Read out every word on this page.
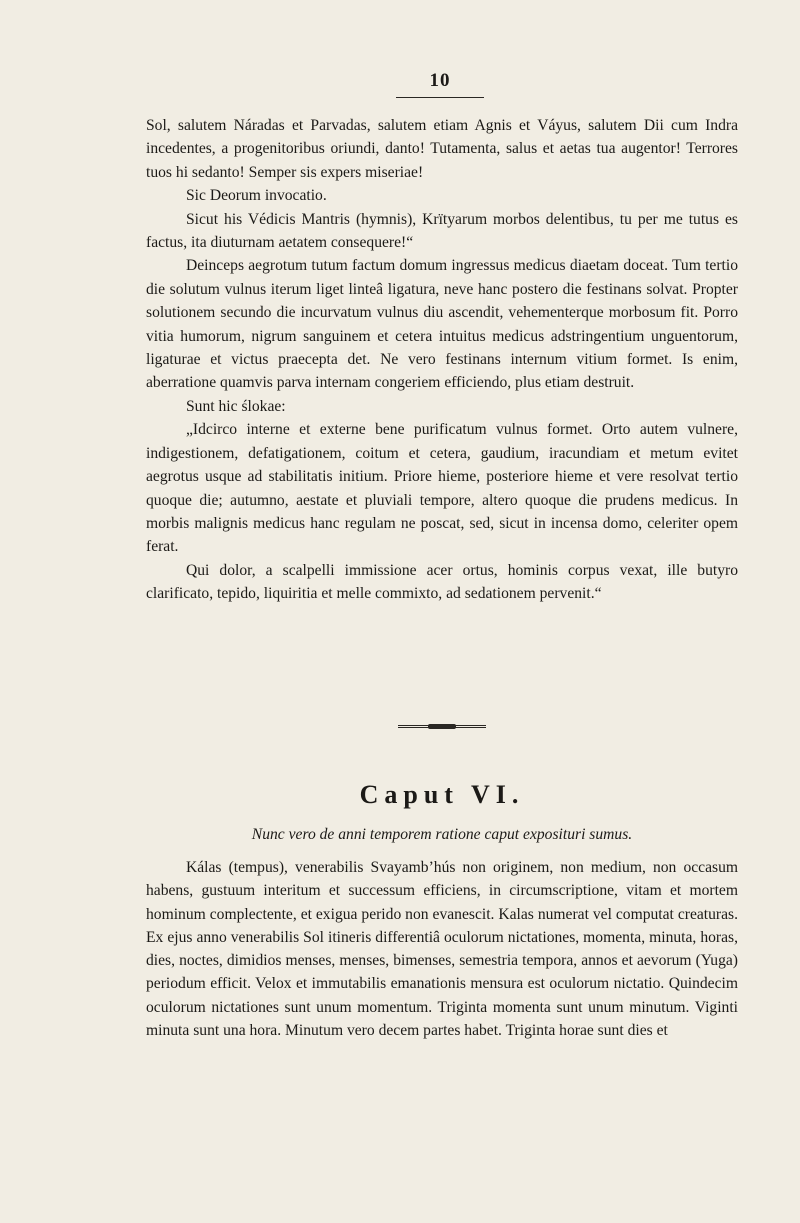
10

Sol, salutem Náradas et Parvadas, salutem etiam Agnis et Váyus, salutem Dii cum Indra incedentes, a progenitoribus oriundi, danto! Tutamenta, salus et aetas tua augentor! Terrores tuos hi sedanto! Semper sis expers miseriae!

Sic Deorum invocatio.

Sicut his Védicis Mantris (hymnis), Krïtyarum morbos delentibus, tu per me tutus es factus, ita diuturnam aetatem consequere!“

Deinceps aegrotum tutum factum domum ingressus medicus diaetam doceat. Tum tertio die solutum vulnus iterum liget linteâ ligatura, neve hanc postero die festinans solvat. Propter solutionem secundo die incurvatum vulnus diu ascendit, vehementerque morbosum fit. Porro vitia humorum, nigrum sanguinem et cetera intuitus medicus adstringentium unguentorum, ligaturae et victus praecepta det. Ne vero festinans internum vitium formet. Is enim, aberratione quamvis parva internam congeriem efficiendo, plus etiam destruit.

Sunt hic ślokae:

„Idcirco interne et externe bene purificatum vulnus formet. Orto autem vulnere, indigestionem, defatigationem, coitum et cetera, gaudium, iracundiam et metum evitet aegrotus usque ad stabilitatis initium. Priore hieme, posteriore hieme et vere resolvat tertio quoque die; autumno, aestate et pluviali tempore, altero quoque die prudens medicus. In morbis malignis medicus hanc regulam ne poscat, sed, sicut in incensa domo, celeriter opem ferat.

Qui dolor, a scalpelli immissione acer ortus, hominis corpus vexat, ille butyro clarificato, tepido, liquiritia et melle commixto, ad sedationem pervenit.“

Caput VI.
Nunc vero de anni temporem ratione caput exposituri sumus.

Kálas (tempus), venerabilis Svayamb’hús non originem, non medium, non occasum habens, gustuum interitum et successum efficiens, in circumscriptione, vitam et mortem hominum complectente, et exigua perido non evanescit. Kalas numerat vel computat creaturas. Ex ejus anno venerabilis Sol itineris differentiâ oculorum nictationes, momenta, minuta, horas, dies, noctes, dimidios menses, menses, bimenses, semestria tempora, annos et aevorum (Yuga) periodum efficit. Velox et immutabilis emanationis mensura est oculorum nictatio. Quindecim oculorum nictationes sunt unum momentum. Triginta momenta sunt unum minutum. Viginti minuta sunt una hora. Minutum vero decem partes habet. Triginta horae sunt dies et
